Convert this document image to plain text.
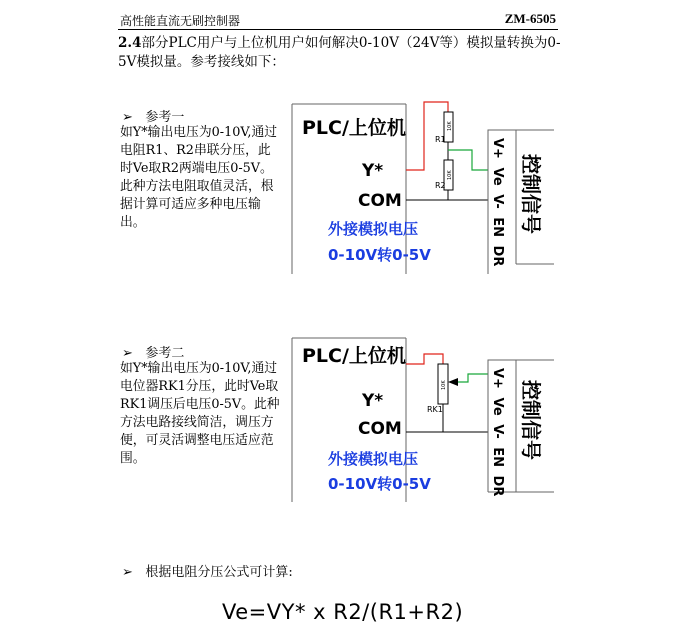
高性能直流无刷控制器	ZM-6505
2.4部分PLC用户与上位机用户如何解决0-10V（24V等）模拟量转换为0-5V模拟量。参考接线如下：
➢ 参考一
如Y*输出电压为0-10V,通过电阻R1、R2串联分压，此时Ve取R2两端电压0-5V。此种方法电阻取值灵活，根据计算可适应多种电压输出。
PLC/上位机
Y*
COM
外接模拟电压
0-10V转0-5V
10K
R1
10K
R2
V+ Ve V- EN DR
控制信号
➢ 参考二
如Y*输出电压为0-10V,通过电位器RK1分压，此时Ve取RK1调压后电压0-5V。此种方法电路接线简洁，调压方便，可灵活调整电压适应范围。
PLC/上位机
Y*
COM
外接模拟电压
0-10V转0-5V
10K
RK1
V+ Ve V- EN DR
控制信号
➢ 根据电阻分压公式可计算:
Ve=VY* x R2/(R1+R2)
